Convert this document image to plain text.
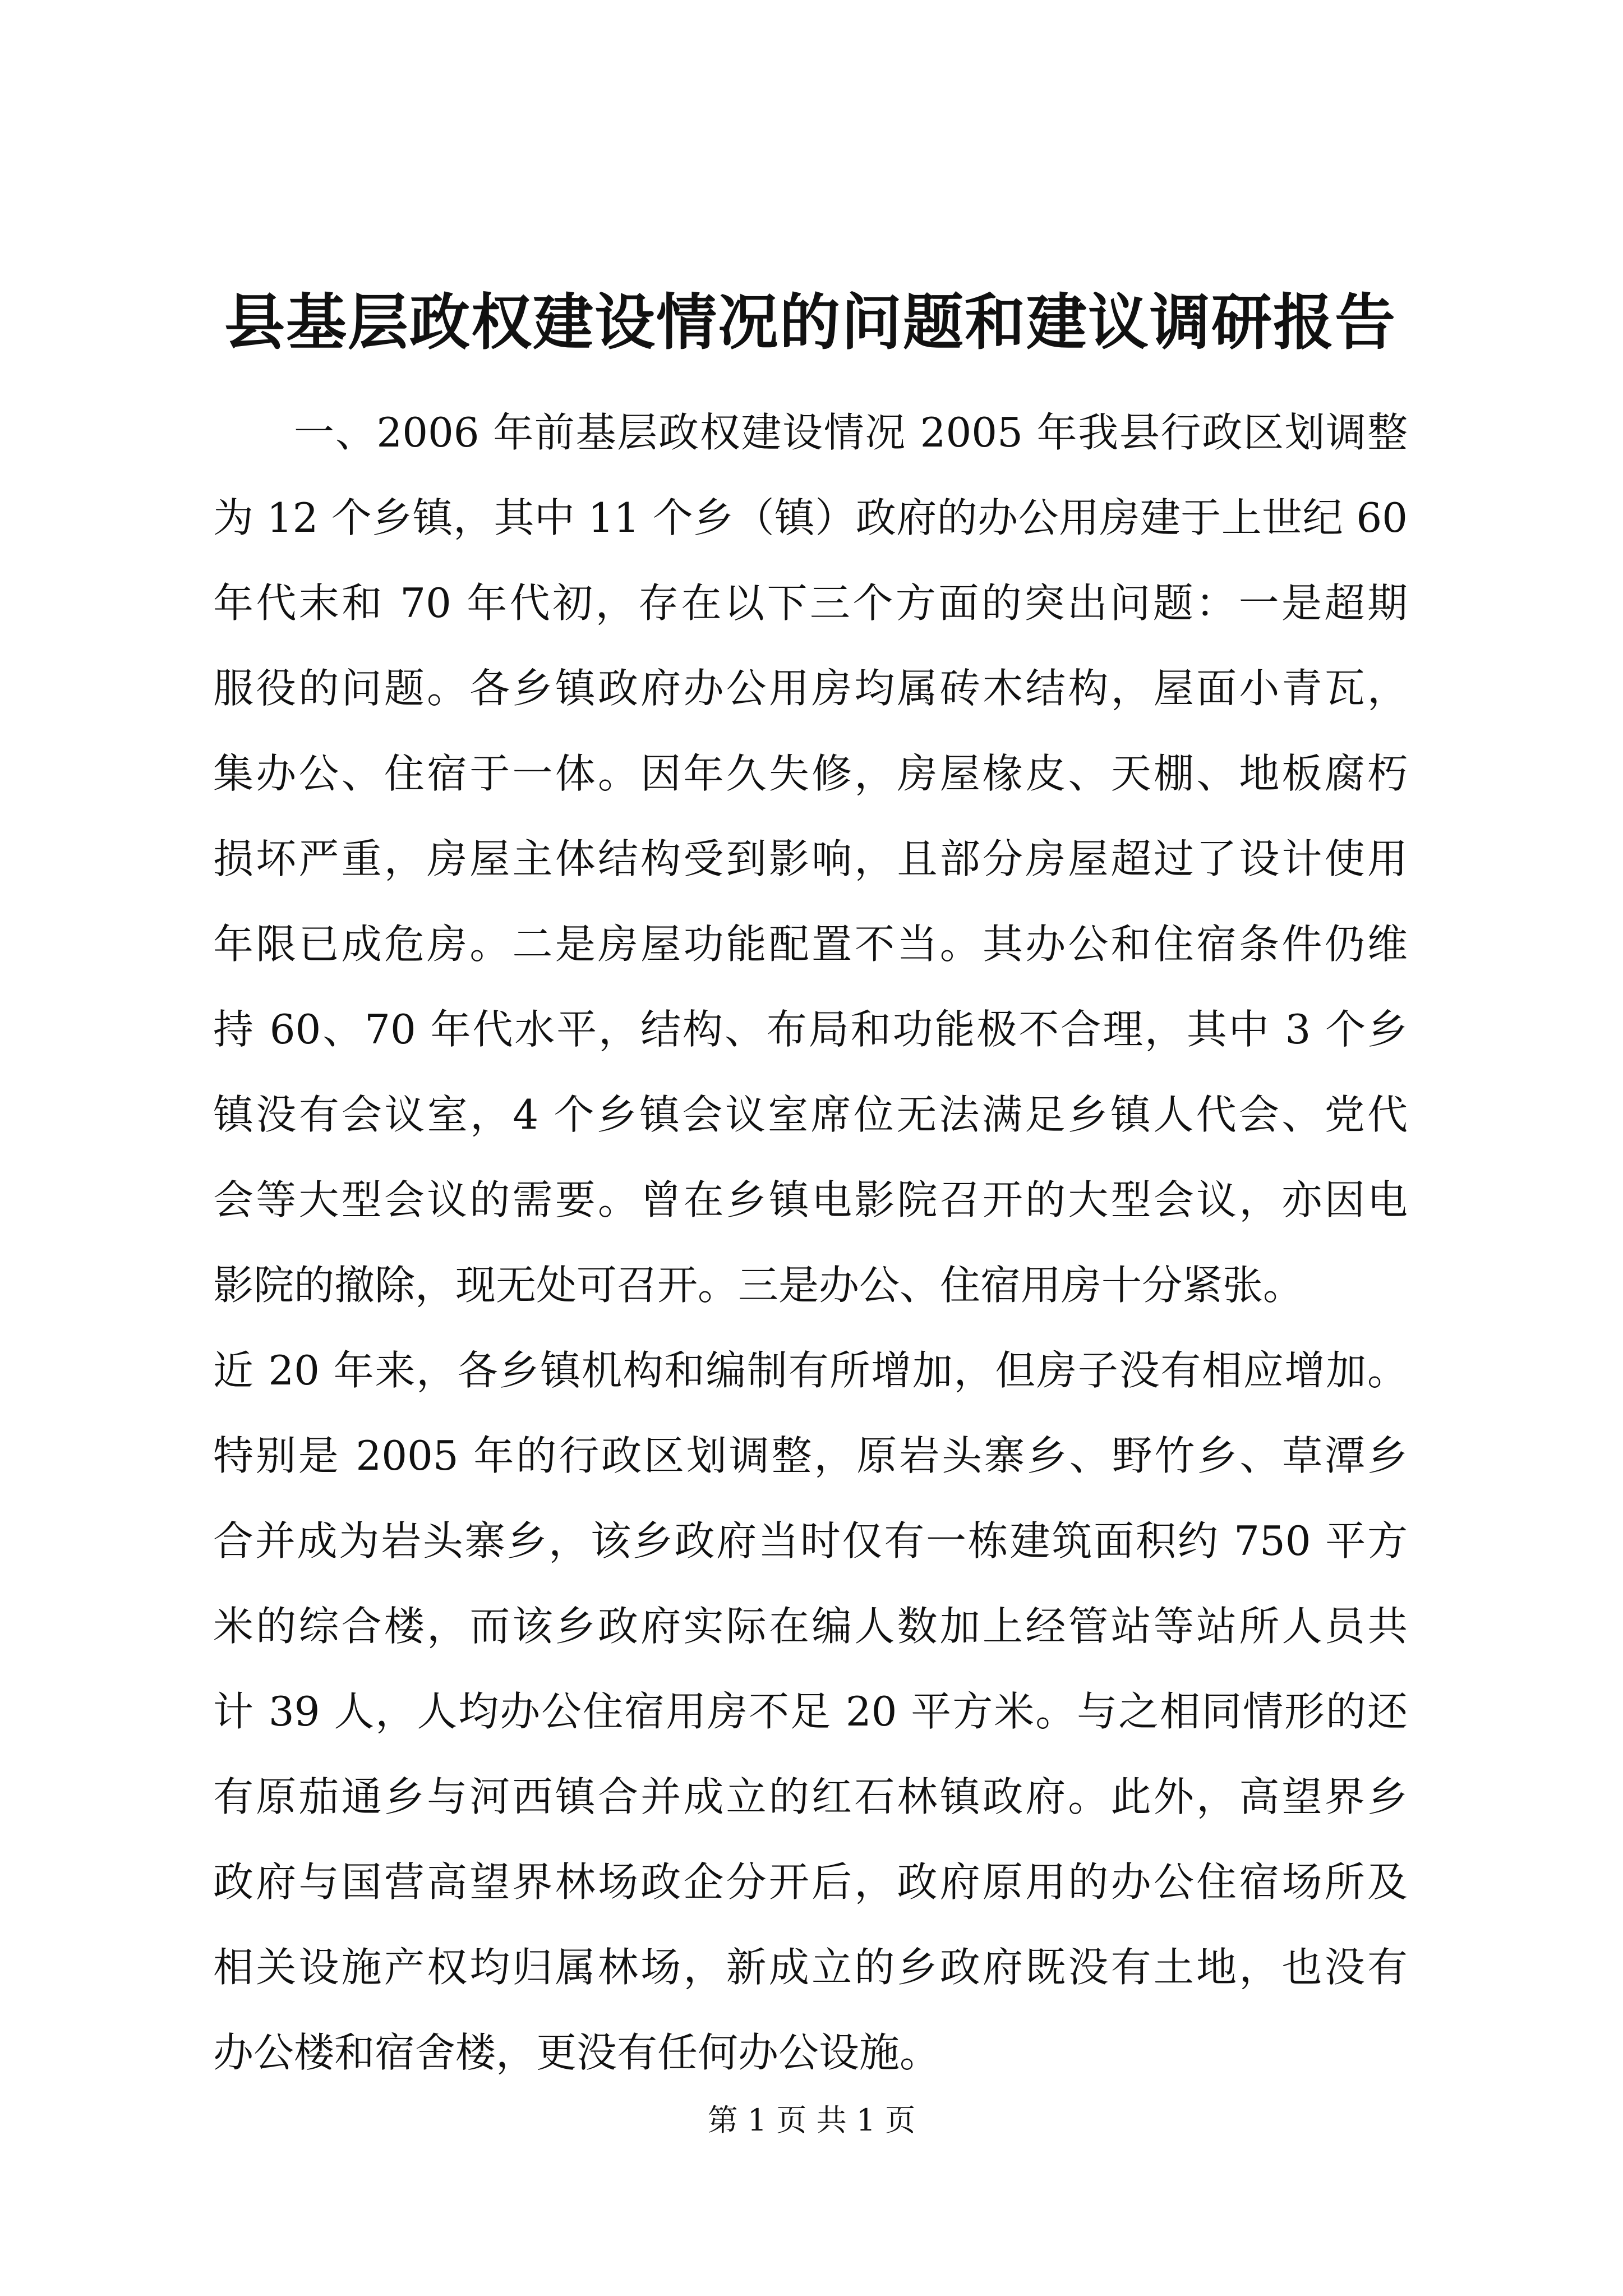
县基层政权建设情况的问题和建议调研报告
一、2006 年前基层政权建设情况 2005 年我县行政区划调整
为 12 个乡镇，其中 11 个乡（镇）政府的办公用房建于上世纪 60
年代末和 70 年代初，存在以下三个方面的突出问题：一是超期
服役的问题。各乡镇政府办公用房均属砖木结构，屋面小青瓦，
集办公、住宿于一体。因年久失修，房屋椽皮、天棚、地板腐朽
损坏严重，房屋主体结构受到影响，且部分房屋超过了设计使用
年限已成危房。二是房屋功能配置不当。其办公和住宿条件仍维
持 60、70 年代水平，结构、布局和功能极不合理，其中 3 个乡
镇没有会议室，4 个乡镇会议室席位无法满足乡镇人代会、党代
会等大型会议的需要。曾在乡镇电影院召开的大型会议，亦因电
影院的撤除，现无处可召开。三是办公、住宿用房十分紧张。
近 20 年来，各乡镇机构和编制有所增加，但房子没有相应增加。
特别是 2005 年的行政区划调整，原岩头寨乡、野竹乡、草潭乡
合并成为岩头寨乡，该乡政府当时仅有一栋建筑面积约 750 平方
米的综合楼，而该乡政府实际在编人数加上经管站等站所人员共
计 39 人，人均办公住宿用房不足 20 平方米。与之相同情形的还
有原茄通乡与河西镇合并成立的红石林镇政府。此外，高望界乡
政府与国营高望界林场政企分开后，政府原用的办公住宿场所及
相关设施产权均归属林场，新成立的乡政府既没有土地，也没有
办公楼和宿舍楼，更没有任何办公设施。
第 1 页 共 1 页
